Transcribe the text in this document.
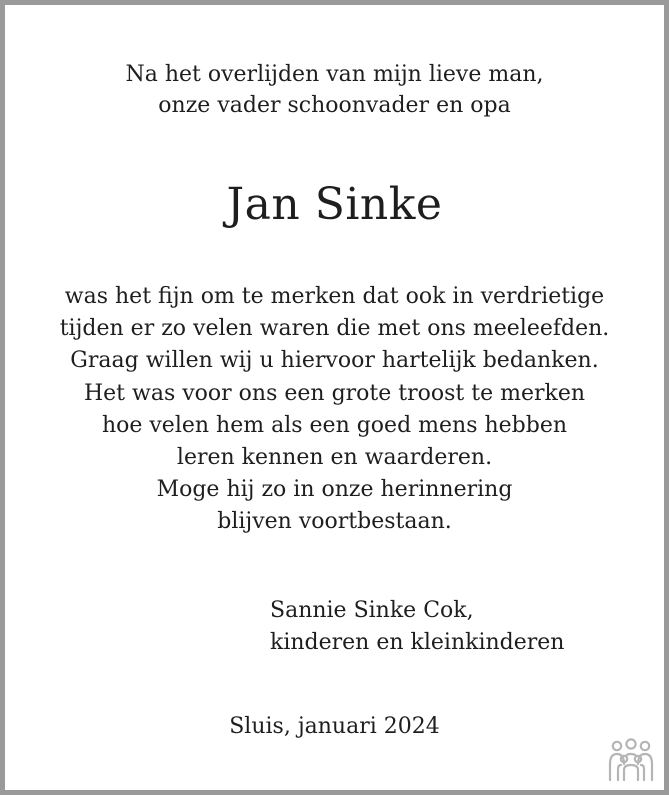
Na het overlijden van mijn lieve man,
onze vader schoonvader en opa
Jan Sinke
was het fijn om te merken dat ook in verdrietige
tijden er zo velen waren die met ons meeleefden.
Graag willen wij u hiervoor hartelijk bedanken.
Het was voor ons een grote troost te merken
hoe velen hem als een goed mens hebben
leren kennen en waarderen.
Moge hij zo in onze herinnering
blijven voortbestaan.
Sannie Sinke Cok,
kinderen en kleinkinderen
Sluis, januari 2024
